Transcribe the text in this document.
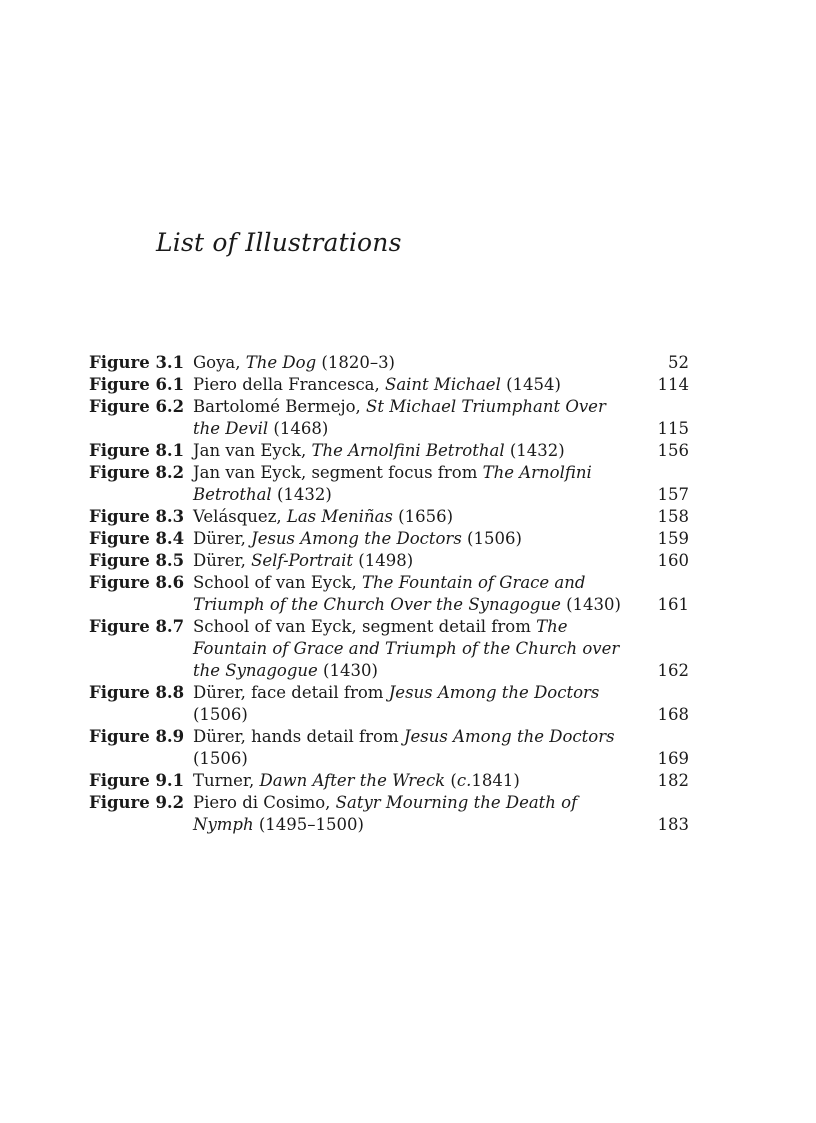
List of Illustrations
Figure 3.1 Goya, The Dog (1820–3)	52
Figure 6.1 Piero della Francesca, Saint Michael (1454)	114
Figure 6.2 Bartolomé Bermejo, St Michael Triumphant Over the Devil (1468)	115
Figure 8.1 Jan van Eyck, The Arnolfini Betrothal (1432)	156
Figure 8.2 Jan van Eyck, segment focus from The Arnolfini Betrothal (1432)	157
Figure 8.3 Velásquez, Las Meniñas (1656)	158
Figure 8.4 Dürer, Jesus Among the Doctors (1506)	159
Figure 8.5 Dürer, Self-Portrait (1498)	160
Figure 8.6 School of van Eyck, The Fountain of Grace and Triumph of the Church Over the Synagogue (1430)	161
Figure 8.7 School of van Eyck, segment detail from The Fountain of Grace and Triumph of the Church over the Synagogue (1430)	162
Figure 8.8 Dürer, face detail from Jesus Among the Doctors (1506)	168
Figure 8.9 Dürer, hands detail from Jesus Among the Doctors (1506)	169
Figure 9.1 Turner, Dawn After the Wreck (c.1841)	182
Figure 9.2 Piero di Cosimo, Satyr Mourning the Death of Nymph (1495–1500)	183
